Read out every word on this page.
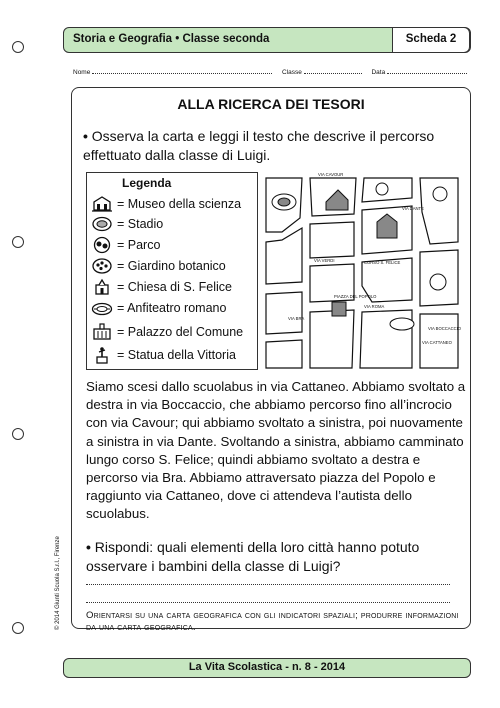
Storia e Geografia • Classe seconda	Scheda 2
Nome	Classe	Data
ALLA RICERCA DEI TESORI
• Osserva la carta e leggi il testo che descrive il percorso effettuato dalla classe di Luigi.
Legenda
= Museo della scienza
= Stadio
= Parco
= Giardino botanico
= Chiesa di S. Felice
= Anfiteatro romano
= Palazzo del Comune
= Statua della Vittoria
VIA CAVOUR
VIA DANTE
VIA BOCCACCIO
CORSO S. FELICE
PIAZZA DEL POPOLO
VIA BRA
VIA CATTANEO
VIA VERDI
VIA ROMA
Siamo scesi dallo scuolabus in via Cattaneo. Abbiamo svoltato a destra in via Boccaccio, che abbiamo percorso fino all’incrocio con via Cavour; qui abbiamo svoltato a sinistra, poi nuovamente a sinistra in via Dante. Svoltando a sinistra, abbiamo camminato lungo corso S. Felice; quindi abbiamo svoltato a destra e percorso via Bra. Abbiamo attraversato piazza del Popolo e raggiunto via Cattaneo, dove ci attendeva l’autista dello scuolabus.
• Rispondi: quali elementi della loro città hanno potuto osservare i bambini della classe di Luigi?
Orientarsi su una carta geografica con gli indicatori spaziali; produrre informazioni da una carta geografica.
© 2014 Giunti Scuola S.r.l., Firenze
La Vita Scolastica - n. 8 - 2014
